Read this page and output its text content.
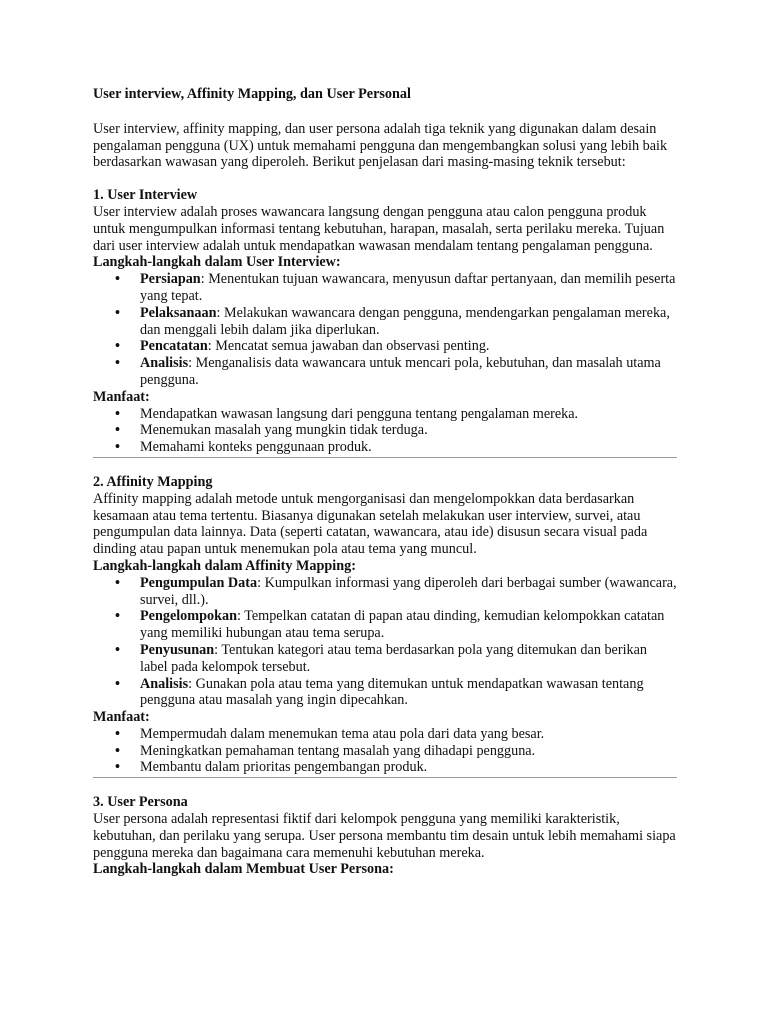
User interview, Affinity Mapping, dan User Personal

User interview, affinity mapping, dan user persona adalah tiga teknik yang digunakan dalam desain pengalaman pengguna (UX) untuk memahami pengguna dan mengembangkan solusi yang lebih baik berdasarkan wawasan yang diperoleh. Berikut penjelasan dari masing-masing teknik tersebut:

1. User Interview

User interview adalah proses wawancara langsung dengan pengguna atau calon pengguna produk untuk mengumpulkan informasi tentang kebutuhan, harapan, masalah, serta perilaku mereka. Tujuan dari user interview adalah untuk mendapatkan wawasan mendalam tentang pengalaman pengguna.

Langkah-langkah dalam User Interview:

• Persiapan: Menentukan tujuan wawancara, menyusun daftar pertanyaan, dan memilih peserta yang tepat.
• Pelaksanaan: Melakukan wawancara dengan pengguna, mendengarkan pengalaman mereka, dan menggali lebih dalam jika diperlukan.
• Pencatatan: Mencatat semua jawaban dan observasi penting.
• Analisis: Menganalisis data wawancara untuk mencari pola, kebutuhan, dan masalah utama pengguna.

Manfaat:

• Mendapatkan wawasan langsung dari pengguna tentang pengalaman mereka.
• Menemukan masalah yang mungkin tidak terduga.
• Memahami konteks penggunaan produk.

2. Affinity Mapping

Affinity mapping adalah metode untuk mengorganisasi dan mengelompokkan data berdasarkan kesamaan atau tema tertentu. Biasanya digunakan setelah melakukan user interview, survei, atau pengumpulan data lainnya. Data (seperti catatan, wawancara, atau ide) disusun secara visual pada dinding atau papan untuk menemukan pola atau tema yang muncul.

Langkah-langkah dalam Affinity Mapping:

• Pengumpulan Data: Kumpulkan informasi yang diperoleh dari berbagai sumber (wawancara, survei, dll.).
• Pengelompokan: Tempelkan catatan di papan atau dinding, kemudian kelompokkan catatan yang memiliki hubungan atau tema serupa.
• Penyusunan: Tentukan kategori atau tema berdasarkan pola yang ditemukan dan berikan label pada kelompok tersebut.
• Analisis: Gunakan pola atau tema yang ditemukan untuk mendapatkan wawasan tentang pengguna atau masalah yang ingin dipecahkan.

Manfaat:

• Mempermudah dalam menemukan tema atau pola dari data yang besar.
• Meningkatkan pemahaman tentang masalah yang dihadapi pengguna.
• Membantu dalam prioritas pengembangan produk.

3. User Persona

User persona adalah representasi fiktif dari kelompok pengguna yang memiliki karakteristik, kebutuhan, dan perilaku yang serupa. User persona membantu tim desain untuk lebih memahami siapa pengguna mereka dan bagaimana cara memenuhi kebutuhan mereka.

Langkah-langkah dalam Membuat User Persona:
